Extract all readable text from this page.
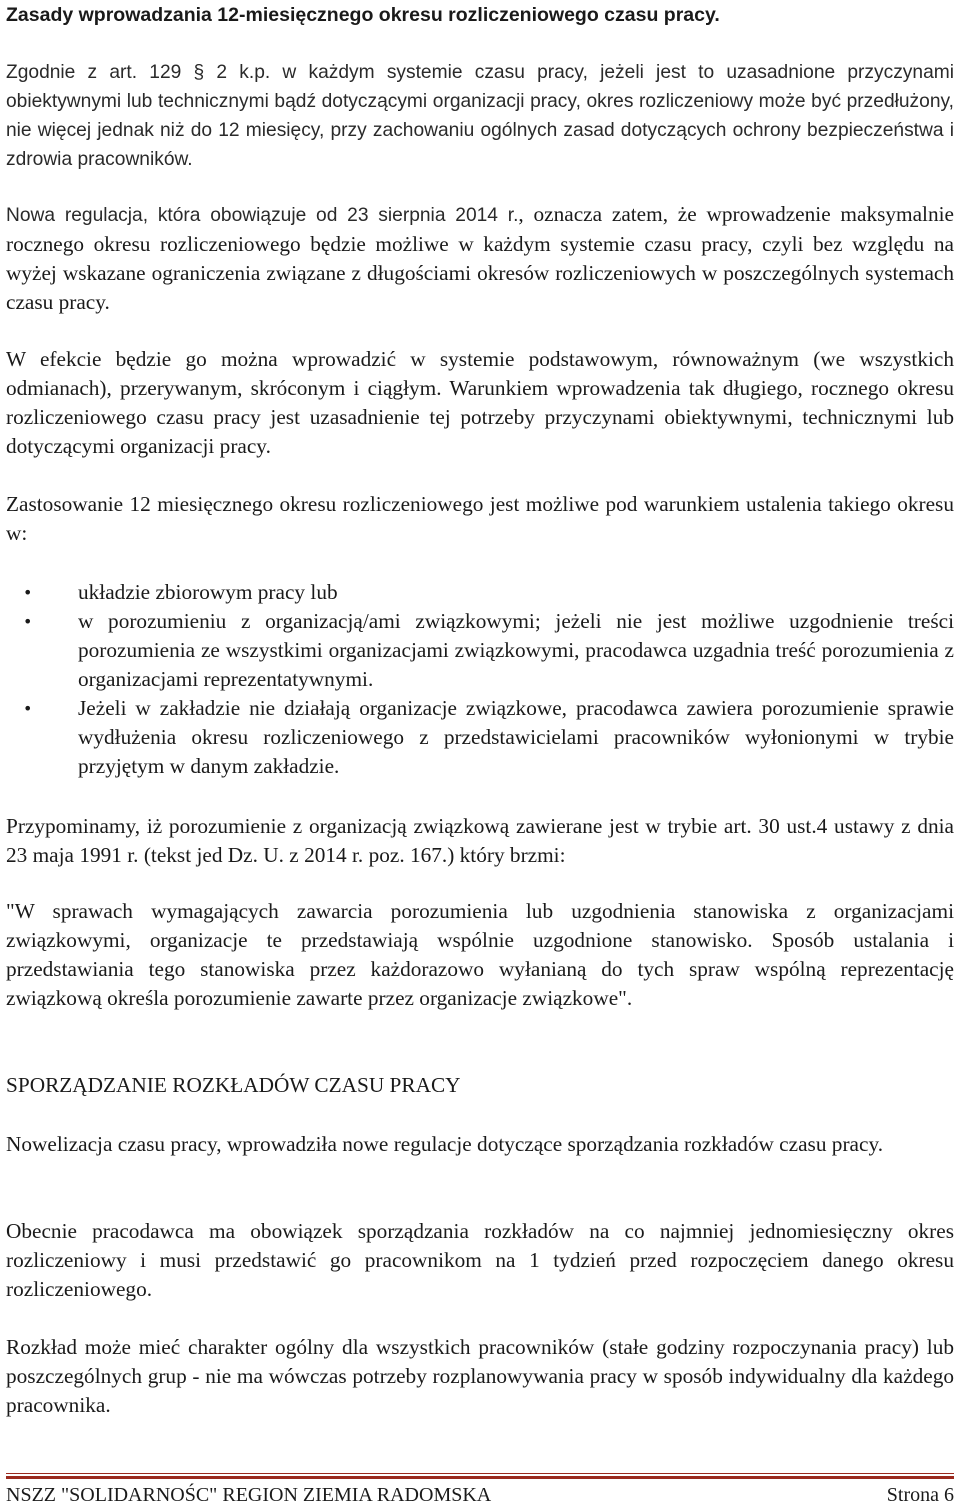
Zasady wprowadzania 12-miesięcznego okresu rozliczeniowego czasu pracy.

Zgodnie z art. 129 § 2 k.p. w każdym systemie czasu pracy, jeżeli jest to uzasadnione przyczynami obiektywnymi lub technicznymi bądź dotyczącymi organizacji pracy, okres rozliczeniowy może być przedłużony, nie więcej jednak niż do 12 miesięcy, przy zachowaniu ogólnych zasad dotyczących ochrony bezpieczeństwa i zdrowia pracowników.

Nowa regulacja, która obowiązuje od 23 sierpnia 2014 r., oznacza zatem, że wprowadzenie maksymalnie rocznego okresu rozliczeniowego będzie możliwe w każdym systemie czasu pracy, czyli bez względu na wyżej wskazane ograniczenia związane z długościami okresów rozliczeniowych w poszczególnych systemach czasu pracy.

W efekcie będzie go można wprowadzić w systemie podstawowym, równoważnym (we wszystkich odmianach), przerywanym, skróconym i ciągłym. Warunkiem wprowadzenia tak długiego, rocznego okresu rozliczeniowego czasu pracy jest uzasadnienie tej potrzeby przyczynami obiektywnymi, technicznymi lub dotyczącymi organizacji pracy.

Zastosowanie 12 miesięcznego okresu rozliczeniowego jest możliwe pod warunkiem ustalenia takiego okresu w:

• układzie zbiorowym pracy lub
• w porozumieniu z organizacją/ami związkowymi; jeżeli nie jest możliwe uzgodnienie treści porozumienia ze wszystkimi organizacjami związkowymi, pracodawca uzgadnia treść porozumienia z organizacjami reprezentatywnymi.
• Jeżeli w zakładzie nie działają organizacje związkowe, pracodawca zawiera porozumienie sprawie wydłużenia okresu rozliczeniowego z przedstawicielami pracowników wyłonionymi w trybie przyjętym w danym zakładzie.

Przypominamy, iż porozumienie z organizacją związkową zawierane jest w trybie art. 30 ust.4 ustawy z dnia 23 maja 1991 r. (tekst jed Dz. U. z 2014 r. poz. 167.) który brzmi:

"W sprawach wymagających zawarcia porozumienia lub uzgodnienia stanowiska z organizacjami związkowymi, organizacje te przedstawiają wspólnie uzgodnione stanowisko. Sposób ustalania i przedstawiania tego stanowiska przez każdorazowo wyłanianą do tych spraw wspólną reprezentację związkową określa porozumienie zawarte przez organizacje związkowe".

SPORZĄDZANIE ROZKŁADÓW CZASU PRACY

Nowelizacja czasu pracy, wprowadziła nowe regulacje dotyczące sporządzania rozkładów czasu pracy.

Obecnie pracodawca ma obowiązek sporządzania rozkładów na co najmniej jednomiesięczny okres rozliczeniowy i musi przedstawić go pracownikom na 1 tydzień przed rozpoczęciem danego okresu rozliczeniowego.

Rozkład może mieć charakter ogólny dla wszystkich pracowników (stałe godziny rozpoczynania pracy) lub poszczególnych grup - nie ma wówczas potrzeby rozplanowywania pracy w sposób indywidualny dla każdego pracownika.

NSZZ "SOLIDARNOŚC" REGION ZIEMIA RADOMSKA	Strona 6
